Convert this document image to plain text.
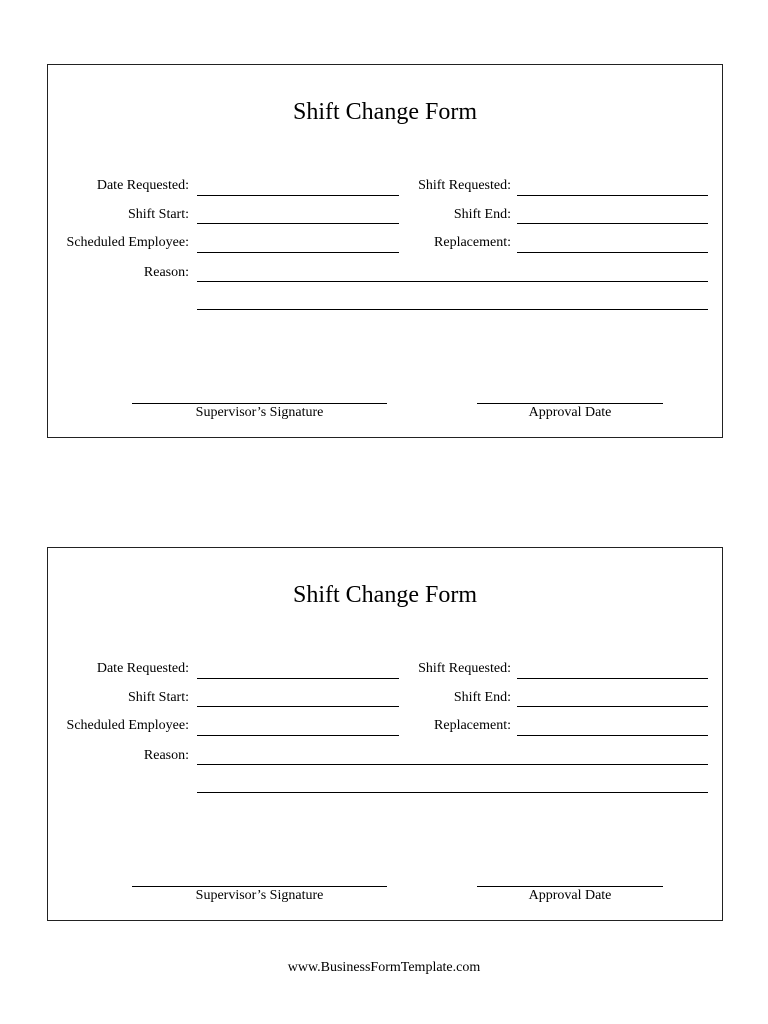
Shift Change Form
Date Requested:	Shift Requested:
Shift Start:	Shift End:
Scheduled Employee:	Replacement:
Reason:
Supervisor’s Signature	Approval Date
Shift Change Form
Date Requested:	Shift Requested:
Shift Start:	Shift End:
Scheduled Employee:	Replacement:
Reason:
Supervisor’s Signature	Approval Date
www.BusinessFormTemplate.com
